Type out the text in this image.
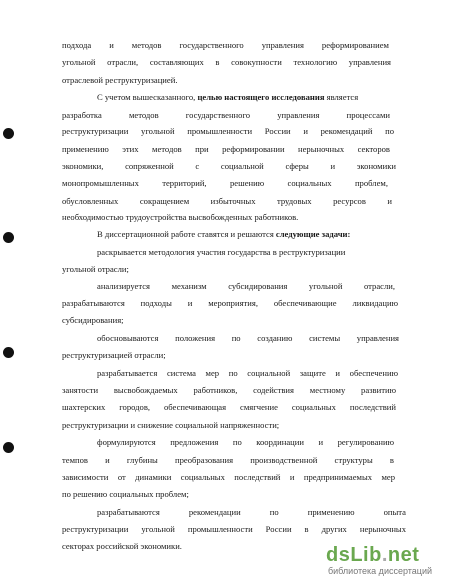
подхода и методов государственного управления реформированием
угольной отрасли, составляющих в совокупности технологию управления
отраслевой реструктуризацией.
С учетом вышесказанного, целью настоящего исследования является
разработка методов государственного управления процессами
реструктуризации угольной промышленности России и рекомендаций по
применению этих методов при реформировании нерыночных секторов
экономики, сопряженной с социальной сферы и экономики
монопромышленных территорий, решению социальных проблем,
обусловленных сокращением избыточных трудовых ресурсов и
необходимостью трудоустройства высвобожденных работников.
В диссертационной работе ставятся и решаются следующие задачи:
раскрывается методология участия государства в реструктуризации
угольной отрасли;
анализируется механизм субсидирования угольной отрасли,
разрабатываются подходы и мероприятия, обеспечивающие ликвидацию
субсидирования;
обосновываются положения по созданию системы управления
реструктуризацией отрасли;
разрабатывается система мер по социальной защите и обеспечению
занятости высвобождаемых работников, содействия местному развитию
шахтерских городов, обеспечивающая смягчение социальных последствий
реструктуризации и снижение социальной напряженности;
формулируются предложения по координации и регулированию
темпов и глубины преобразования производственной структуры в
зависимости от динамики социальных последствий и предпринимаемых мер
по решению социальных проблем;
разрабатываются рекомендации по применению опыта
реструктуризации угольной промышленности России в других нерыночных
секторах российской экономики.	dsLib.net
библиотека диссертаций
